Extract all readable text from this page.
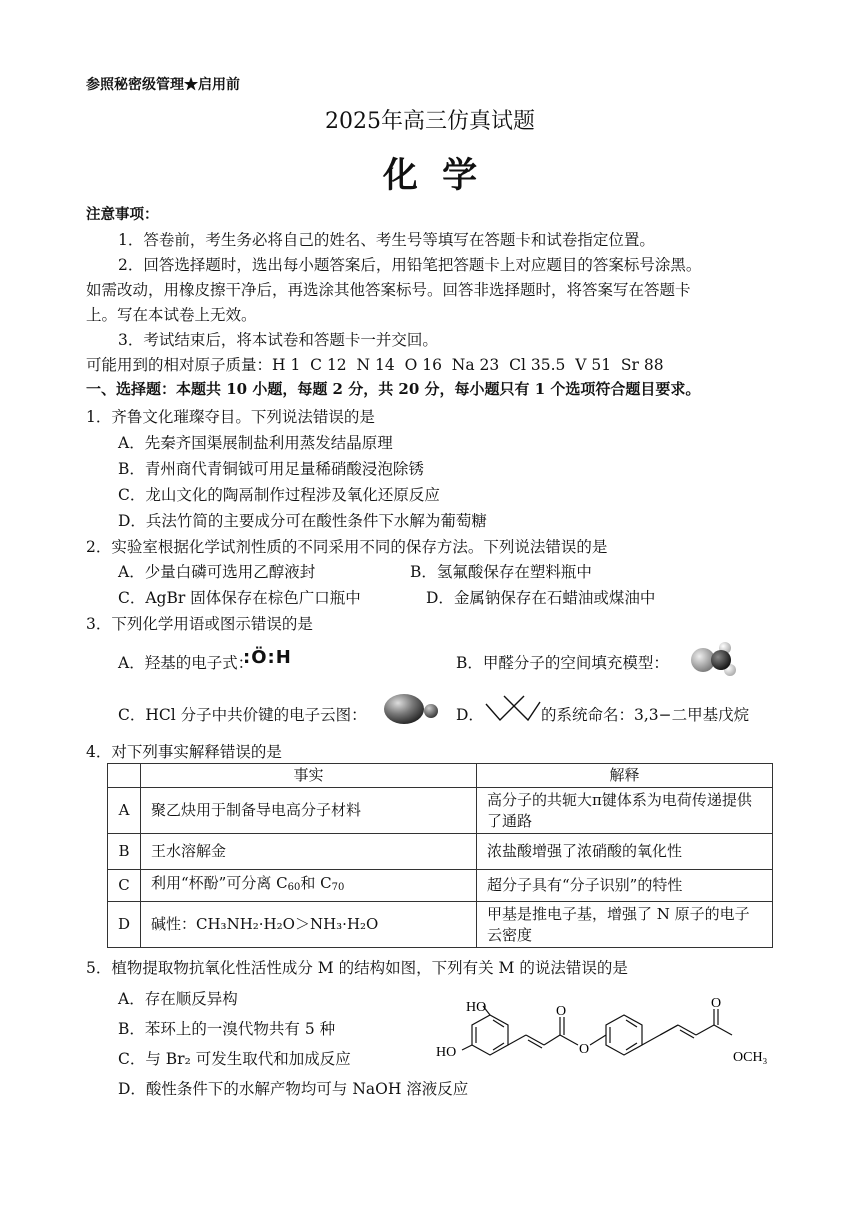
参照秘密级管理★启用前
2025年高三仿真试题
化  学
注意事项：
1．答卷前，考生务必将自己的姓名、考生号等填写在答题卡和试卷指定位置。
2．回答选择题时，选出每小题答案后，用铅笔把答题卡上对应题目的答案标号涂黑。
如需改动，用橡皮擦干净后，再选涂其他答案标号。回答非选择题时，将答案写在答题卡
上。写在本试卷上无效。
3．考试结束后，将本试卷和答题卡一并交回。
可能用到的相对原子质量：H 1  C 12  N 14  O 16  Na 23  Cl 35.5  V 51  Sr 88
一、选择题：本题共 10 小题，每题 2 分，共 20 分，每小题只有 1 个选项符合题目要求。
1．齐鲁文化璀璨夺目。下列说法错误的是
A．先秦齐国渠展制盐利用蒸发结晶原理
B．青州商代青铜钺可用足量稀硝酸浸泡除锈
C．龙山文化的陶鬲制作过程涉及氧化还原反应
D．兵法竹简的主要成分可在酸性条件下水解为葡萄糖
2．实验室根据化学试剂性质的不同采用不同的保存方法。下列说法错误的是
A．少量白磷可选用乙醇液封	B．氢氟酸保存在塑料瓶中
C．AgBr 固体保存在棕色广口瓶中	D．金属钠保存在石蜡油或煤油中
3．下列化学用语或图示错误的是
A．羟基的电子式：
:Ö:H	B．甲醛分子的空间填充模型：
C．HCl 分子中共价键的电子云图：	D．	的系统命名：3,3−二甲基戊烷
4．对下列事实解释错误的是
	事实	解释
A	聚乙炔用于制备导电高分子材料	高分子的共轭大π键体系为电荷传递提供了通路
B	王水溶解金	浓盐酸增强了浓硝酸的氧化性
C	利用“杯酚”可分离 $C_{60}$和 $C_{70}$	超分子具有“分子识别”的特性
D	碱性：CH₃NH₂·H₂O＞NH₃·H₂O	甲基是推电子基，增强了 N 原子的电子云密度
5．植物提取物抗氧化性活性成分 M 的结构如图，下列有关 M 的说法错误的是
A．存在顺反异构
B．苯环上的一溴代物共有 5 种
C．与 Br₂ 可发生取代和加成反应
D．酸性条件下的水解产物均可与 NaOH 溶液反应
HO
HO
O
O
O
OCH₃
